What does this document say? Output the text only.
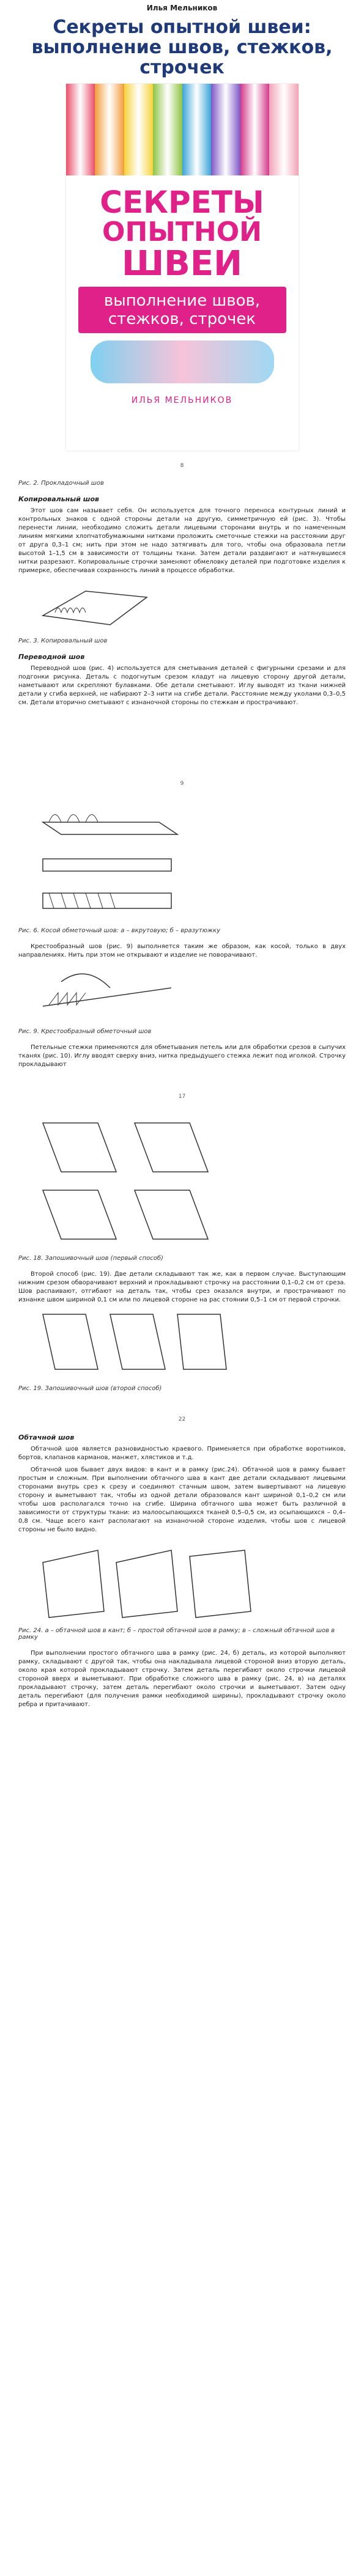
Илья Мельников
Секреты опытной швеи: выполнение швов, стежков, строчек
СЕКРЕТЫ
ОПЫТНОЙ
ШВЕИ
выполнение швов, стежков, строчек
ИЛЬЯ МЕЛЬНИКОВ
8
Рис. 2. Прокладочный шов
Копировальный шов

Этот шов сам называет себя. Он используется для точного переноса контурных линий и контрольных знаков с одной стороны детали на другую, симметричную ей (рис. 3). Чтобы перенести линии, необходимо сложить детали лицевыми сторонами внутрь и по намеченным линиям мягкими хлопчатобумажными нитками проложить сметочные стежки на расстоянии друг от друга 0,3–1 см; нить при этом не надо затягивать для того, чтобы она образовала петли высотой 1–1,5 см в зависимости от толщины ткани. Затем детали раздвигают и натянувшиеся нитки разрезают. Копировальные строчки заменяют обмеловку деталей при подготовке изделия к примерке, обеспечивая сохранность линий в процессе обработки.

Рис. 3. Копировальный шов
Переводной шов

Переводной шов (рис. 4) используется для сметывания деталей с фигурными срезами и для подгонки рисунка. Деталь с подогнутым срезом кладут на лицевую сторону другой детали, наметывают или скрепляют булавками. Обе детали сметывают. Иглу выводят из ткани нижней детали у сгиба верхней, не набирают 2–3 нити на сгибе детали. Расстояние между уколами 0,3–0,5 см. Детали вторично сметывают с изнаночной стороны по стежкам и прострачивают.

9
Рис. 6. Косой обметочный шов: а – вкрутовую; б – вразутюжку

Крестообразный шов (рис. 9) выполняется таким же образом, как косой, только в двух направлениях. Нить при этом не открывают и изделие не поворачивают.

Рис. 9. Крестообразный обметочный шов

Петельные стежки применяются для обметывания петель или для обработки срезов в сыпучих тканях (рис. 10). Иглу вводят сверху вниз, нитка предыдущего стежка лежит под иголкой. Строчку прокладывают

17
Рис. 18. Запошивочный шов (первый способ)

Второй способ (рис. 19). Две детали складывают так же, как в первом случае. Выступающим нижним срезом обворачивают верхний и прокладывают строчку на расстоянии 0,1–0,2 см от среза. Шов распаивают, отгибают на деталь так, чтобы срез оказался внутри, и прострачивают по изнанке швом шириной 0,1 см или по лицевой стороне на рас стоянии 0,5–1 см от первой строчки.

Рис. 19. Запошивочный шов (второй способ)
22
Обтачной шов

Обтачной шов является разновидностью краевого. Применяется при обработке воротников, бортов, клапанов карманов, манжет, хлястиков и т.д.

Обтачной шов бывает двух видов: в кант и в рамку (рис.24). Обтачной шов в рамку бывает простым и сложным. При выполнении обтачного шва в кант две детали складывают лицевыми сторонами внутрь срез к срезу и соединяют стачным швом, затем вывертывают на лицевую сторону и выметывают так, чтобы из одной детали образовался кант шириной 0,1–0,2 см или чтобы шов располагался точно на сгибе. Ширина обтачного шва может быть различной в зависимости от структуры ткани: из малоосыпающихся тканей 0,5–0,5 см, из осыпающихся – 0,4–0,8 см. Чаще всего кант располагают на изнаночной стороне изделия, чтобы шов с лицевой стороны не было видно.

Рис. 24. а – обтачной шов в кант; б – простой обтачной шов в рамку; в – сложный обтачной шов в рамку

При выполнении простого обтачного шва в рамку (рис. 24, б) деталь, из которой выполняют рамку, складывают с другой так, чтобы она накладывала лицевой стороной вниз вторую деталь, около края которой прокладывают строчку. Затем деталь перегибают около строчки лицевой стороной вверх и выметывают. При обработке сложного шва в рамку (рис. 24, в) на деталях прокладывают строчку, затем деталь перегибают около строчки и выметывают. Затем одну деталь перегибают (для получения рамки необходимой ширины), прокладывают строчку около ребра и притачивают.
